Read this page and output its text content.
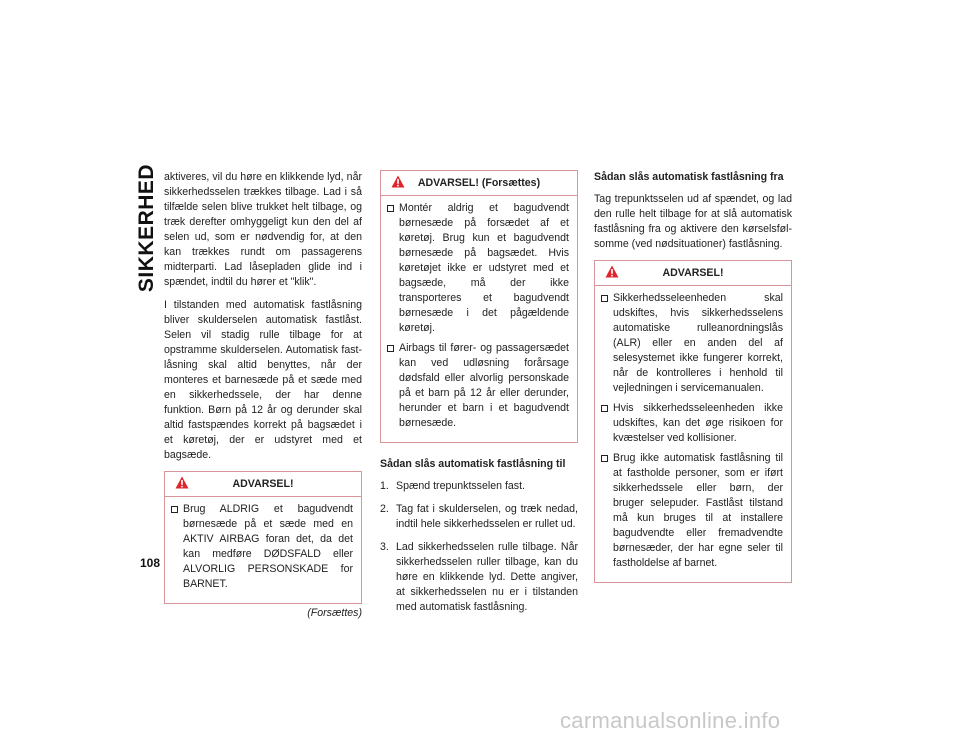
SIKKERHED
108

aktiveres, vil du høre en klikkende lyd, når sikkerhedsselen trækkes tilbage. Lad i så tilfælde selen blive trukket helt tilbage, og træk derefter omhyggeligt kun den del af selen ud, som er nødvendig for, at den kan trækkes rundt om passagerens midterparti. Lad låsepladen glide ind i spændet, indtil du hører et "klik".

I tilstanden med automatisk fastlåsning bliver skulderselen automatisk fastlåst. Selen vil stadig rulle tilbage for at opstramme skulderselen. Automatisk fastlåsning skal altid benyttes, når der monteres et barnesæde på et sæde med en sikkerhedssele, der har denne funktion. Børn på 12 år og derunder skal altid fastspændes korrekt på bagsædet i et køretøj, der er udstyret med et bagsæde.

ADVARSEL!
Brug ALDRIG et bagudvendt børnesæde på et sæde med en AKTIV AIRBAG foran det, da det kan medføre DØDSFALD eller ALVORLIG PERSONSKADE for BARNET.
(Forsættes)
ADVARSEL! (Forsættes)
Montér aldrig et bagudvendt børnesæde på forsædet af et køretøj. Brug kun et bagudvendt børnesæde på bagsædet. Hvis køretøjet ikke er udstyret med et bagsæde, må der ikke transporteres et bagudvendt børnesæde i det pågældende køretøj.
Airbags til fører- og passagersædet kan ved udløsning forårsage dødsfald eller alvorlig personskade på et barn på 12 år eller derunder, herunder et barn i et bagudvendt børnesæde.
Sådan slås automatisk fastlåsning til
1. Spænd trepunktsselen fast.
2. Tag fat i skulderselen, og træk nedad, indtil hele sikkerhedsselen er rullet ud.
3. Lad sikkerhedsselen rulle tilbage. Når sikkerhedsselen ruller tilbage, kan du høre en klikkende lyd. Dette angiver, at sikkerhedsselen nu er i tilstanden med automatisk fastlåsning.
Sådan slås automatisk fastlåsning fra

Tag trepunktsselen ud af spændet, og lad den rulle helt tilbage for at slå automatisk fastlåsning fra og aktivere den kørselsfølsomme (ved nødsituationer) fastlåsning.

ADVARSEL!
Sikkerhedsseleenheden skal udskiftes, hvis sikkerhedsselens automatiske rulleanordningslås (ALR) eller en anden del af selesystemet ikke fungerer korrekt, når de kontrolleres i henhold til vejledningen i servicemanualen.
Hvis sikkerhedsseleenheden ikke udskiftes, kan det øge risikoen for kvæstelser ved kollisioner.
Brug ikke automatisk fastlåsning til at fastholde personer, som er iført sikkerhedssele eller børn, der bruger selepuder. Fastlåst tilstand må kun bruges til at installere bagudvendte eller fremadvendte børnesæder, der har egne seler til fastholdelse af barnet.
carmanualsonline.info
